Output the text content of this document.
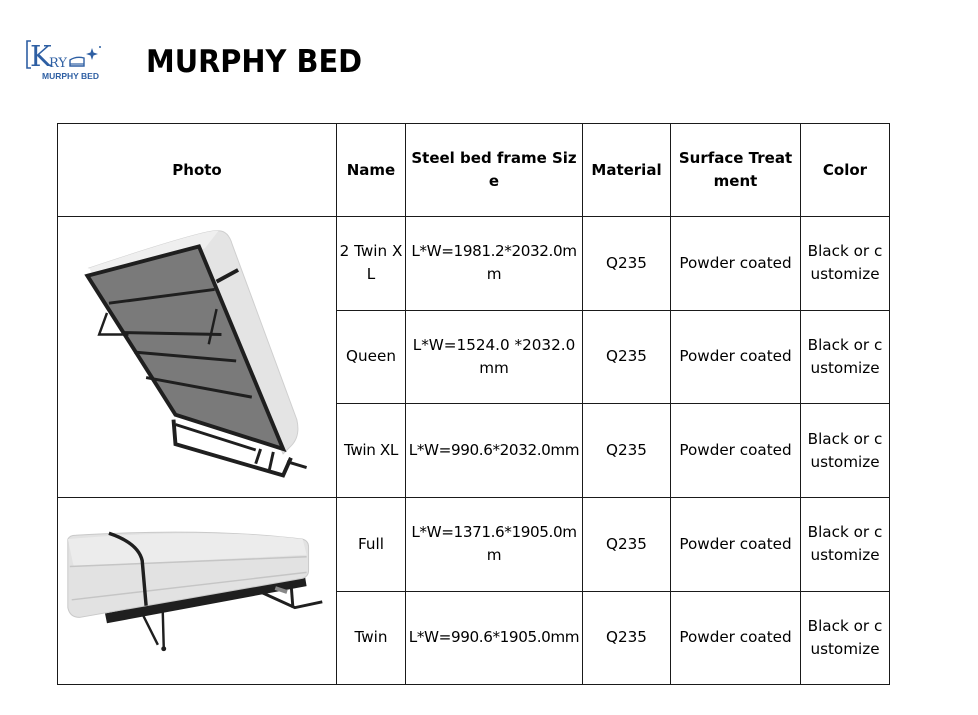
K
RY
MURPHY BED MURPHY BED
Photo	Name	Steel bed frame Size	Material	Surface Treatment	Color

	2 Twin XL	L*W=1981.2*2032.0mm	Q235	Powder coated	Black or customize
	Queen	L*W=1524.0 *2032.0mm	Q235	Powder coated	Black or customize
	Twin XL	L*W=990.6*2032.0mm	Q235	Powder coated	Black or customize

	Full	L*W=1371.6*1905.0mm	Q235	Powder coated	Black or customize
	Twin	L*W=990.6*1905.0mm	Q235	Powder coated	Black or customize
